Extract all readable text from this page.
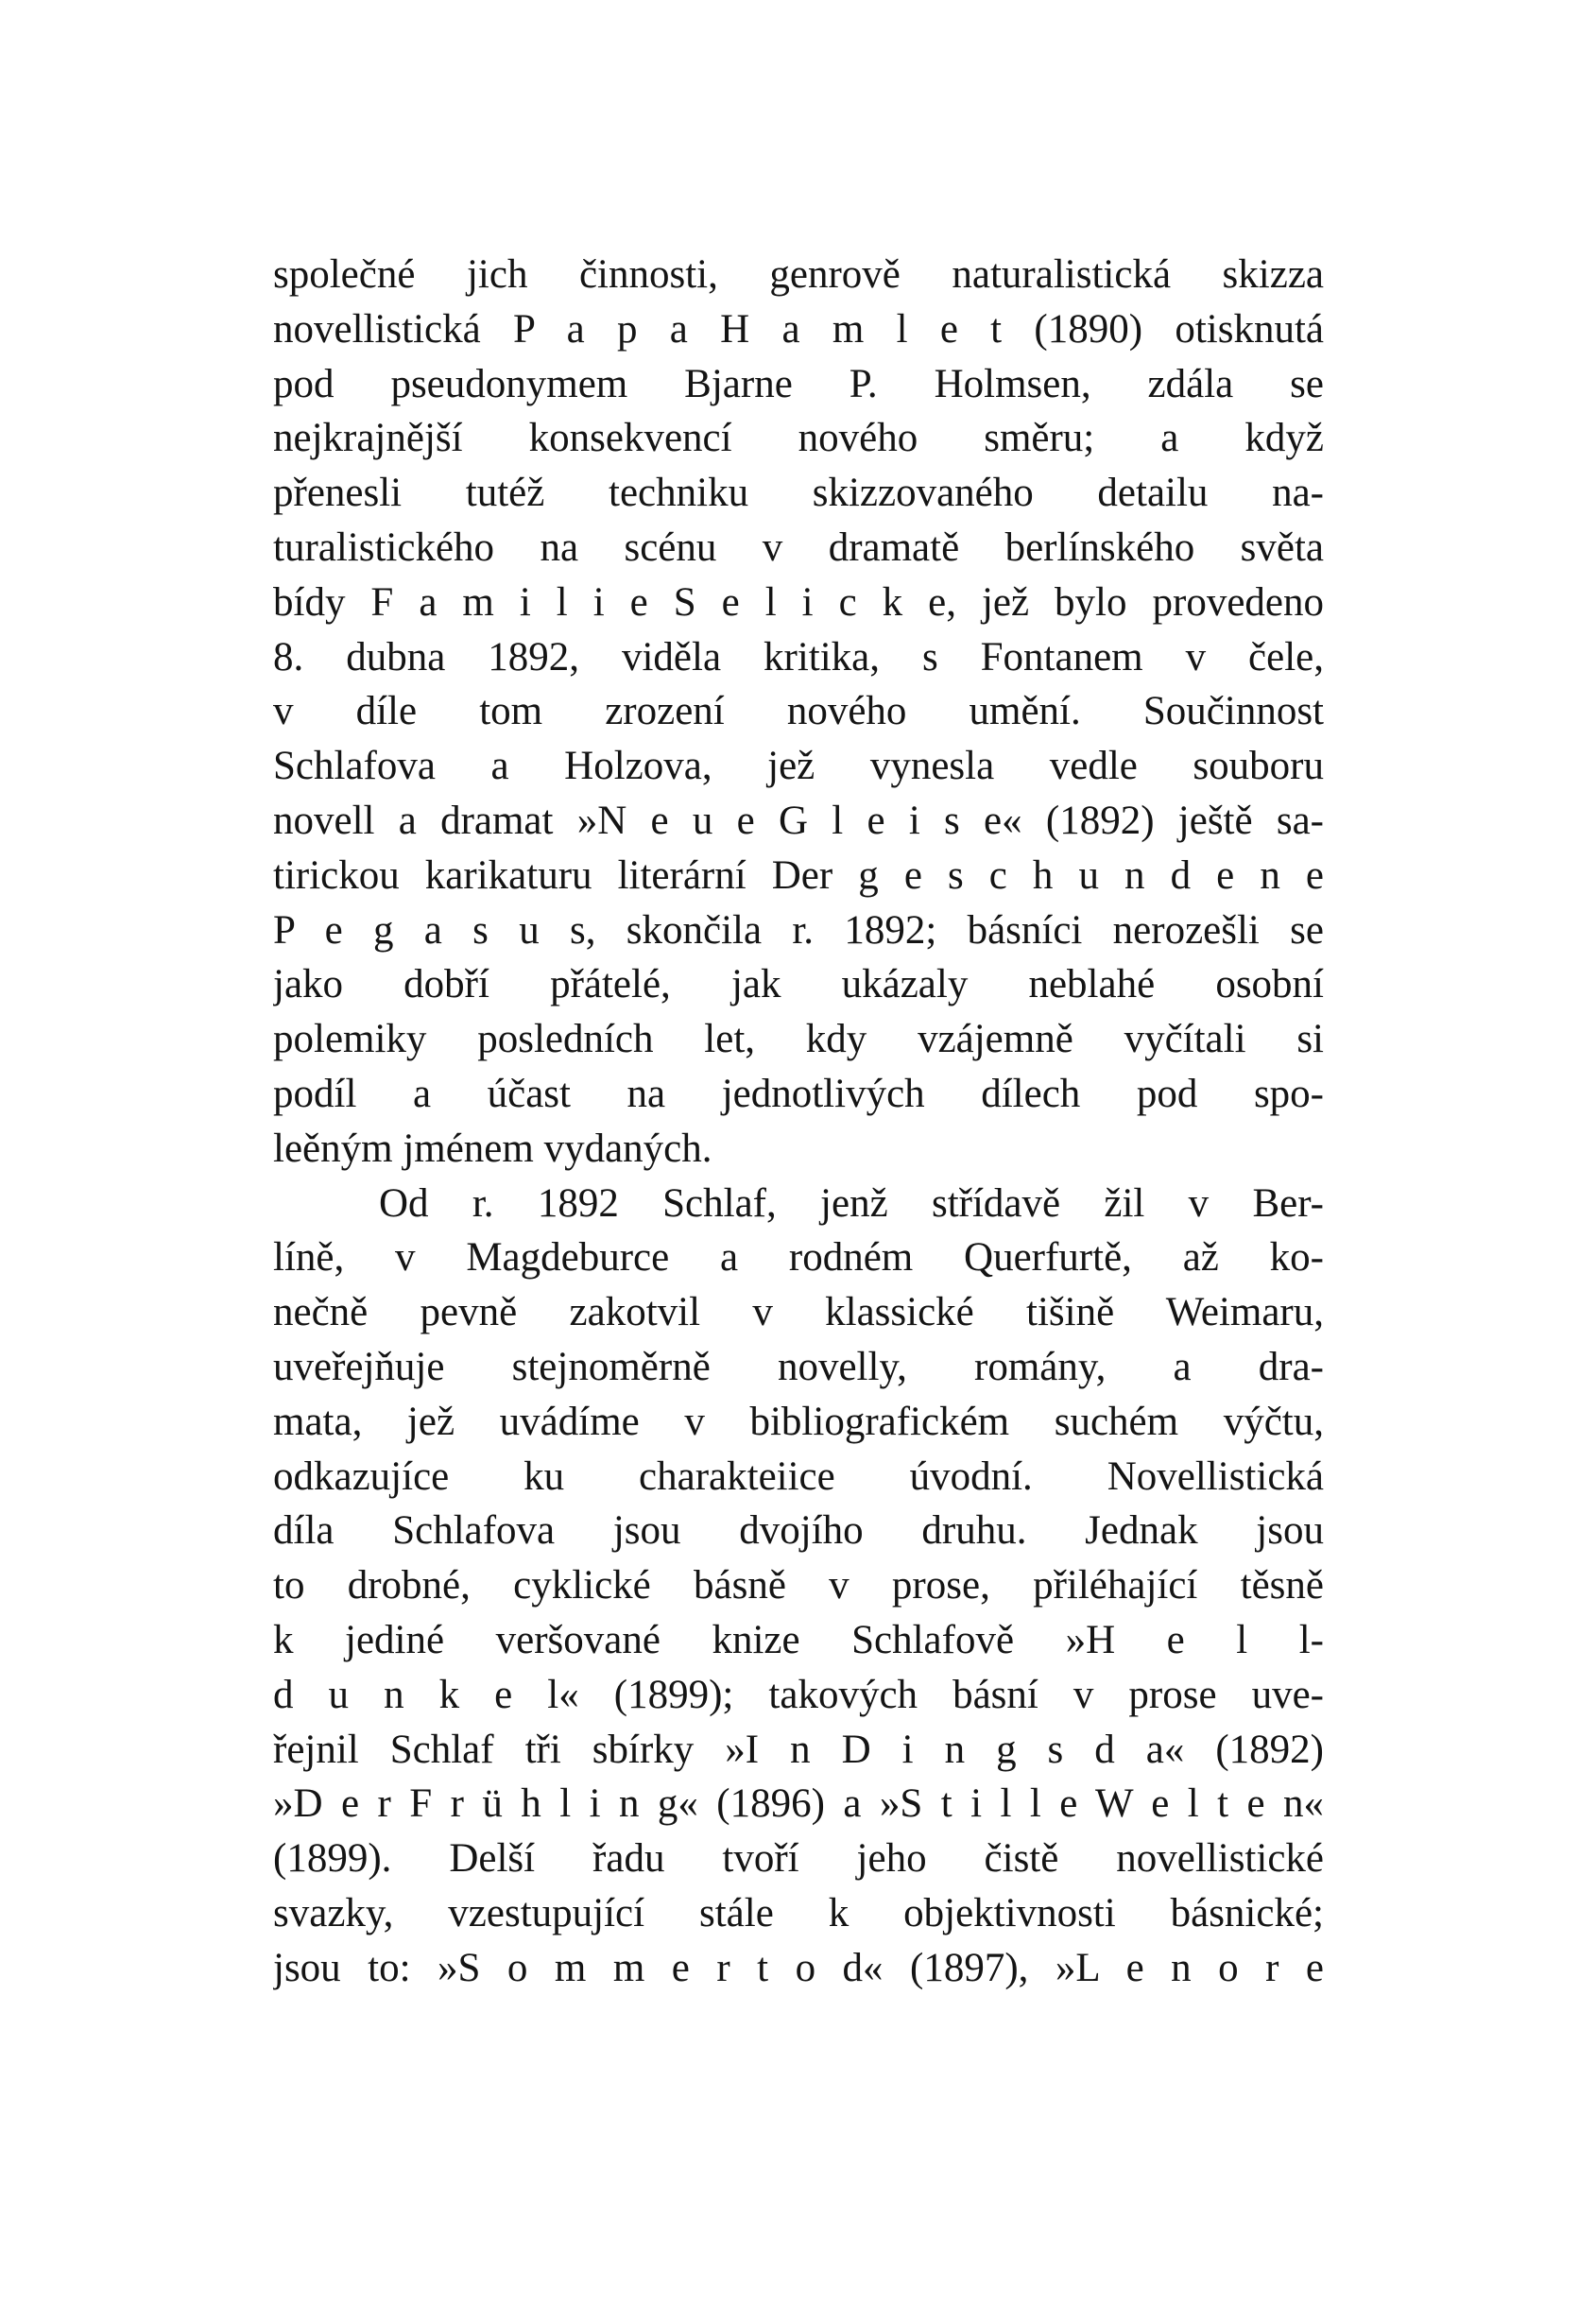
společné jich činnosti, genrově naturalistická skizza
novellistická P a p a H a m l e t (1890) otisknutá
pod pseudonymem Bjarne P. Holmsen, zdála se
nejkrajnější konsekvencí nového směru; a když
přenesli tutéž techniku skizzovaného detailu na-
turalistického na scénu v dramatě berlínského světa
bídy F a m i l i e S e l i c k e, jež bylo provedeno
8. dubna 1892, viděla kritika, s Fontanem v čele,
v díle tom zrození nového umění. Součinnost
Schlafova a Holzova, jež vynesla vedle souboru
novell a dramat »N e u e G l e i s e« (1892) ještě sa-
tirickou karikaturu literární Der g e s c h u n d e n e
P e g a s u s, skončila r. 1892; básníci nerozešli se
jako dobří přátelé, jak ukázaly neblahé osobní
polemiky posledních let, kdy vzájemně vyčítali si
podíl a účast na jednotlivých dílech pod spo-
leěným jménem vydaných.
Od r. 1892 Schlaf, jenž střídavě žil v Ber-
líně, v Magdeburce a rodném Querfurtě, až ko-
nečně pevně zakotvil v klassické tišině Weimaru,
uveřejňuje stejnoměrně novelly, romány, a dra-
mata, jež uvádíme v bibliografickém suchém výčtu,
odkazujíce ku charakteiice úvodní. Novellistická
díla Schlafova jsou dvojího druhu. Jednak jsou
to drobné, cyklické básně v prose, přiléhající těsně
k jediné veršované knize Schlafově »H e l l-
d u n k e l« (1899); takových básní v prose uve-
řejnil Schlaf tři sbírky »I n D i n g s d a« (1892)
»D e r F r ü h l i n g« (1896) a »S t i l l e W e l t e n«
(1899). Delší řadu tvoří jeho čistě novellistické
svazky, vzestupující stále k objektivnosti básnické;
jsou to: »S o m m e r t o d« (1897), »L e n o r e
